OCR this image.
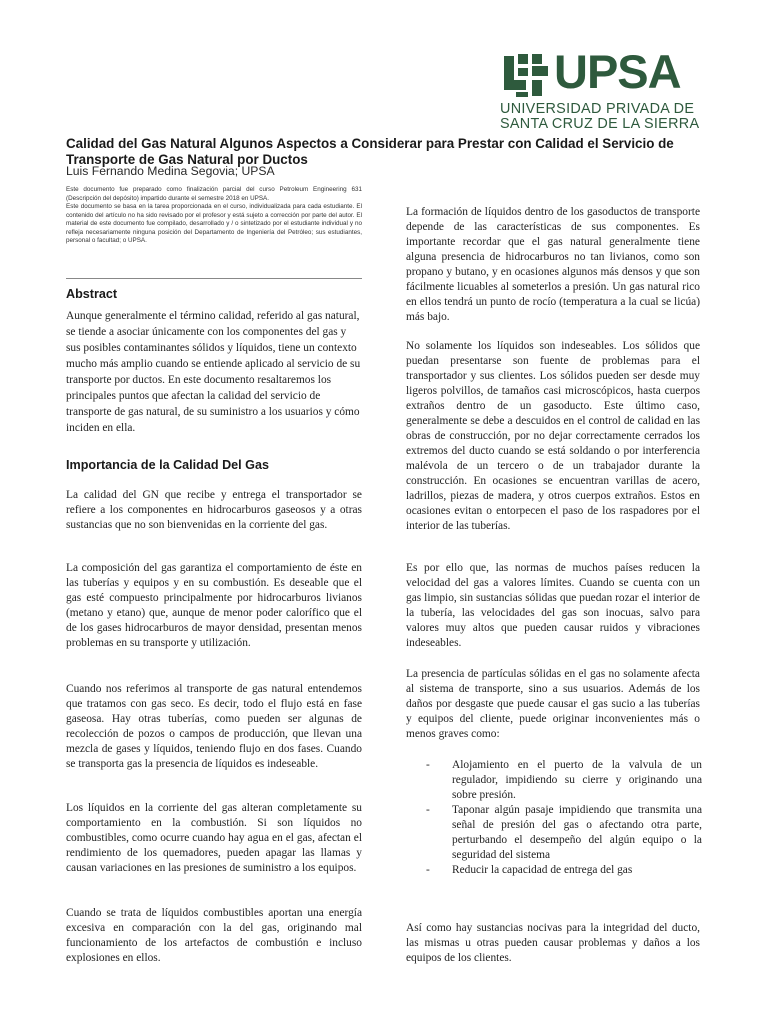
UPSA
UNIVERSIDAD PRIVADA DE
SANTA CRUZ DE LA SIERRA
Calidad del Gas Natural Algunos Aspectos a Considerar para Prestar con Calidad el Servicio de Transporte de Gas Natural por Ductos
Luis Fernando Medina Segovia; UPSA

Este documento fue preparado como finalización parcial del curso Petroleum Engineering 631 (Descripción del depósito) impartido durante el semestre 2018 en UPSA.

Este documento se basa en la tarea proporcionada en el curso, individualizada para cada estudiante. El contenido del artículo no ha sido revisado por el profesor y está sujeto a corrección por parte del autor. El material de este documento fue compilado, desarrollado y / o sintetizado por el estudiante individual y no refleja necesariamente ninguna posición del Departamento de Ingeniería del Petróleo; sus estudiantes, personal o facultad; o UPSA.

Abstract

Aunque generalmente el término calidad, referido al gas natural, se tiende a asociar únicamente con los componentes del gas y sus posibles contaminantes sólidos y líquidos, tiene un contexto mucho más amplio cuando se entiende aplicado al servicio de su transporte por ductos. En este documento resaltaremos los principales puntos que afectan la calidad del servicio de transporte de gas natural, de su suministro a los usuarios y cómo inciden en ella.

Importancia de la Calidad Del Gas

La calidad del GN que recibe y entrega el transportador se refiere a los componentes en hidrocarburos gaseosos y a otras sustancias que no son bienvenidas en la corriente del gas.

La composición del gas garantiza el comportamiento de éste en las tuberías y equipos y en su combustión. Es deseable que el gas esté compuesto principalmente por hidrocarburos livianos (metano y etano) que, aunque de menor poder calorífico que el de los gases hidrocarburos de mayor densidad, presentan menos problemas en su transporte y utilización.

Cuando nos referimos al transporte de gas natural entendemos que tratamos con gas seco. Es decir, todo el flujo está en fase gaseosa. Hay otras tuberías, como pueden ser algunas de recolección de pozos o campos de producción, que llevan una mezcla de gases y líquidos, teniendo flujo en dos fases. Cuando se transporta gas la presencia de líquidos es indeseable.

Los líquidos en la corriente del gas alteran completamente su comportamiento en la combustión. Si son líquidos no combustibles, como ocurre cuando hay agua en el gas, afectan el rendimiento de los quemadores, pueden apagar las llamas y causan variaciones en las presiones de suministro a los equipos.

Cuando se trata de líquidos combustibles aportan una energía excesiva en comparación con la del gas, originando mal funcionamiento de los artefactos de combustión e incluso explosiones en ellos.

La formación de líquidos dentro de los gasoductos de transporte depende de las características de sus componentes. Es importante recordar que el gas natural generalmente tiene alguna presencia de hidrocarburos no tan livianos, como son propano y butano, y en ocasiones algunos más densos y que son fácilmente licuables al someterlos a presión. Un gas natural rico en ellos tendrá un punto de rocío (temperatura a la cual se licúa) más bajo.

No solamente los líquidos son indeseables. Los sólidos que puedan presentarse son fuente de problemas para el transportador y sus clientes. Los sólidos pueden ser desde muy ligeros polvillos, de tamaños casi microscópicos, hasta cuerpos extraños dentro de un gasoducto. Este último caso, generalmente se debe a descuidos en el control de calidad en las obras de construcción, por no dejar correctamente cerrados los extremos del ducto cuando se está soldando o por interferencia malévola de un tercero o de un trabajador durante la construcción. En ocasiones se encuentran varillas de acero, ladrillos, piezas de madera, y otros cuerpos extraños. Estos en ocasiones evitan o entorpecen el paso de los raspadores por el interior de las tuberías.

Es por ello que, las normas de muchos países reducen la velocidad del gas a valores límites. Cuando se cuenta con un gas limpio, sin sustancias sólidas que puedan rozar el interior de la tubería, las velocidades del gas son inocuas, salvo para valores muy altos que pueden causar ruidos y vibraciones indeseables.

La presencia de partículas sólidas en el gas no solamente afecta al sistema de transporte, sino a sus usuarios. Además de los daños por desgaste que puede causar el gas sucio a las tuberías y equipos del cliente, puede originar inconvenientes más o menos graves como:

- Alojamiento en el puerto de la valvula de un regulador, impidiendo su cierre y originando una sobre presión.
- Taponar algún pasaje impidiendo que transmita una señal de presión del gas o afectando otra parte, perturbando el desempeño del algún equipo o la seguridad del sistema
- Reducir la capacidad de entrega del gas

Así como hay sustancias nocivas para la integridad del ducto, las mismas u otras pueden causar problemas y daños a los equipos de los clientes.
